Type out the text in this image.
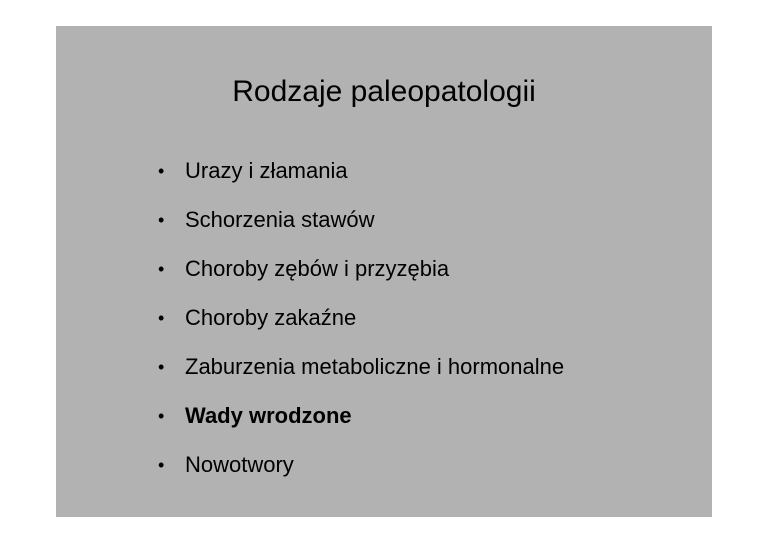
Rodzaje paleopatologii
• Urazy i złamania
• Schorzenia stawów
• Choroby zębów i przyzębia
• Choroby zakaźne
• Zaburzenia metaboliczne i hormonalne
• Wady wrodzone
• Nowotwory
